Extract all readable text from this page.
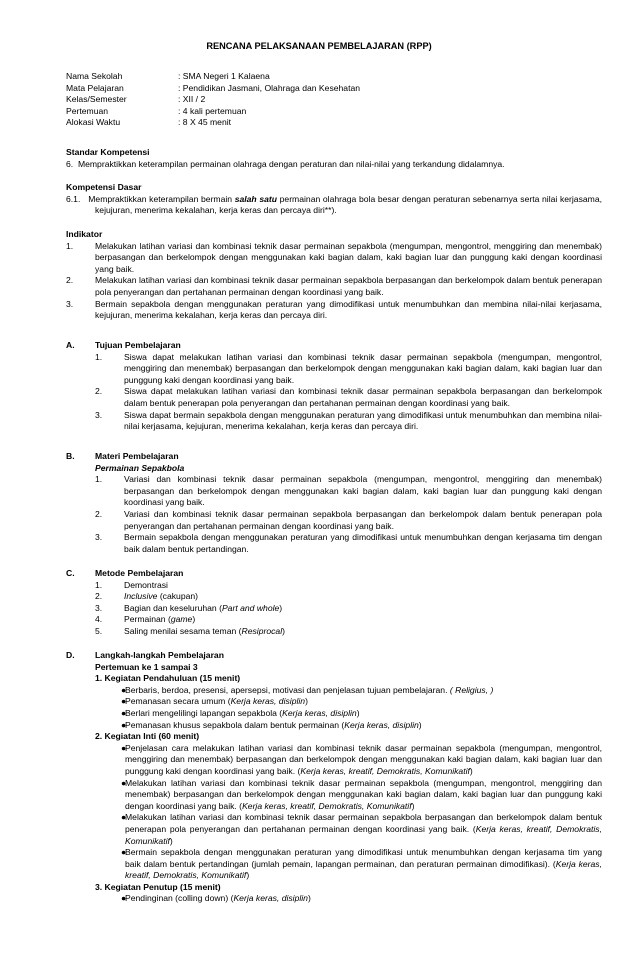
RENCANA PELAKSANAAN PEMBELAJARAN (RPP)
Nama Sekolah	: SMA Negeri 1 Kalaena
Mata Pelajaran	: Pendidikan Jasmani, Olahraga dan Kesehatan
Kelas/Semester	: XII / 2
Pertemuan	: 4 kali pertemuan
Alokasi Waktu	: 8 X 45 menit
Standar Kompetensi
6. Mempraktikkan keterampilan permainan olahraga dengan peraturan dan nilai-nilai yang terkandung didalamnya.
Kompetensi Dasar
6.1. Mempraktikkan keterampilan bermain salah satu permainan olahraga bola besar dengan peraturan sebenarnya serta nilai kerjasama, kejujuran, menerima kekalahan, kerja keras dan percaya diri**).
Indikator
1.	Melakukan latihan variasi dan kombinasi teknik dasar permainan sepakbola (mengumpan, mengontrol, menggiring dan menembak) berpasangan dan berkelompok dengan menggunakan kaki bagian dalam, kaki bagian luar dan punggung kaki dengan koordinasi yang baik.
2.	Melakukan latihan variasi dan kombinasi teknik dasar permainan sepakbola berpasangan dan berkelompok dalam bentuk penerapan pola penyerangan dan pertahanan permainan dengan koordinasi yang baik.
3.	Bermain sepakbola dengan menggunakan peraturan yang dimodifikasi untuk menumbuhkan dan membina nilai-nilai kerjasama, kejujuran, menerima kekalahan, kerja keras dan percaya diri.
A. Tujuan Pembelajaran
1.	Siswa dapat melakukan latihan variasi dan kombinasi teknik dasar permainan sepakbola (mengumpan, mengontrol, menggiring dan menembak) berpasangan dan berkelompok dengan menggunakan kaki bagian dalam, kaki bagian luar dan punggung kaki dengan koordinasi yang baik.
2.	Siswa dapat melakukan latihan variasi dan kombinasi teknik dasar permainan sepakbola berpasangan dan berkelompok dalam bentuk penerapan pola penyerangan dan pertahanan permainan dengan koordinasi yang baik.
3.	Siswa dapat bermain sepakbola dengan menggunakan peraturan yang dimodifikasi untuk menumbuhkan dan membina nilai-nilai kerjasama, kejujuran, menerima kekalahan, kerja keras dan percaya diri.
B. Materi Pembelajaran
Permainan Sepakbola
1.	Variasi dan kombinasi teknik dasar permainan sepakbola (mengumpan, mengontrol, menggiring dan menembak) berpasangan dan berkelompok dengan menggunakan kaki bagian dalam, kaki bagian luar dan punggung kaki dengan koordinasi yang baik.
2.	Variasi dan kombinasi teknik dasar permainan sepakbola berpasangan dan berkelompok dalam bentuk penerapan pola penyerangan dan pertahanan permainan dengan koordinasi yang baik.
3.	Bermain sepakbola dengan menggunakan peraturan yang dimodifikasi untuk menumbuhkan dengan kerjasama tim dengan baik dalam bentuk pertandingan.
C. Metode Pembelajaran
1.	Demontrasi
2.	Inclusive (cakupan)
3.	Bagian dan keseluruhan (Part and whole)
4.	Permainan (game)
5.	Saling menilai sesama teman (Resiprocal)
D. Langkah-langkah Pembelajaran
Pertemuan ke 1 sampai 3
1. Kegiatan Pendahuluan (15 menit)
●
Berbaris, berdoa, presensi, apersepsi, motivasi dan penjelasan tujuan pembelajaran. ( Religius, )
●
Pemanasan secara umum (Kerja keras, disiplin)
●
Berlari mengelilingi lapangan sepakbola (Kerja keras, disiplin)
●
Pemanasan khusus sepakbola dalam bentuk permainan (Kerja keras, disiplin)
2. Kegiatan Inti (60 menit)
●
Penjelasan cara melakukan latihan variasi dan kombinasi teknik dasar permainan sepakbola (mengumpan, mengontrol, menggiring dan menembak) berpasangan dan berkelompok dengan menggunakan kaki bagian dalam, kaki bagian luar dan punggung kaki dengan koordinasi yang baik. (Kerja keras, kreatif, Demokratis, Komunikatif)
●
Melakukan latihan variasi dan kombinasi teknik dasar permainan sepakbola (mengumpan, mengontrol, menggiring dan menembak) berpasangan dan berkelompok dengan menggunakan kaki bagian dalam, kaki bagian luar dan punggung kaki dengan koordinasi yang baik. (Kerja keras, kreatif, Demokratis, Komunikatif)
●
Melakukan latihan variasi dan kombinasi teknik dasar permainan sepakbola berpasangan dan berkelompok dalam bentuk penerapan pola penyerangan dan pertahanan permainan dengan koordinasi yang baik. (Kerja keras, kreatif, Demokratis, Komunikatif)
●
Bermain sepakbola dengan menggunakan peraturan yang dimodifikasi untuk menumbuhkan dengan kerjasama tim yang baik dalam bentuk pertandingan (jumlah pemain, lapangan permainan, dan peraturan permainan dimodifikasi). (Kerja keras, kreatif, Demokratis, Komunikatif)
3. Kegiatan Penutup (15 menit)
●
Pendinginan (colling down) (Kerja keras, disiplin)
